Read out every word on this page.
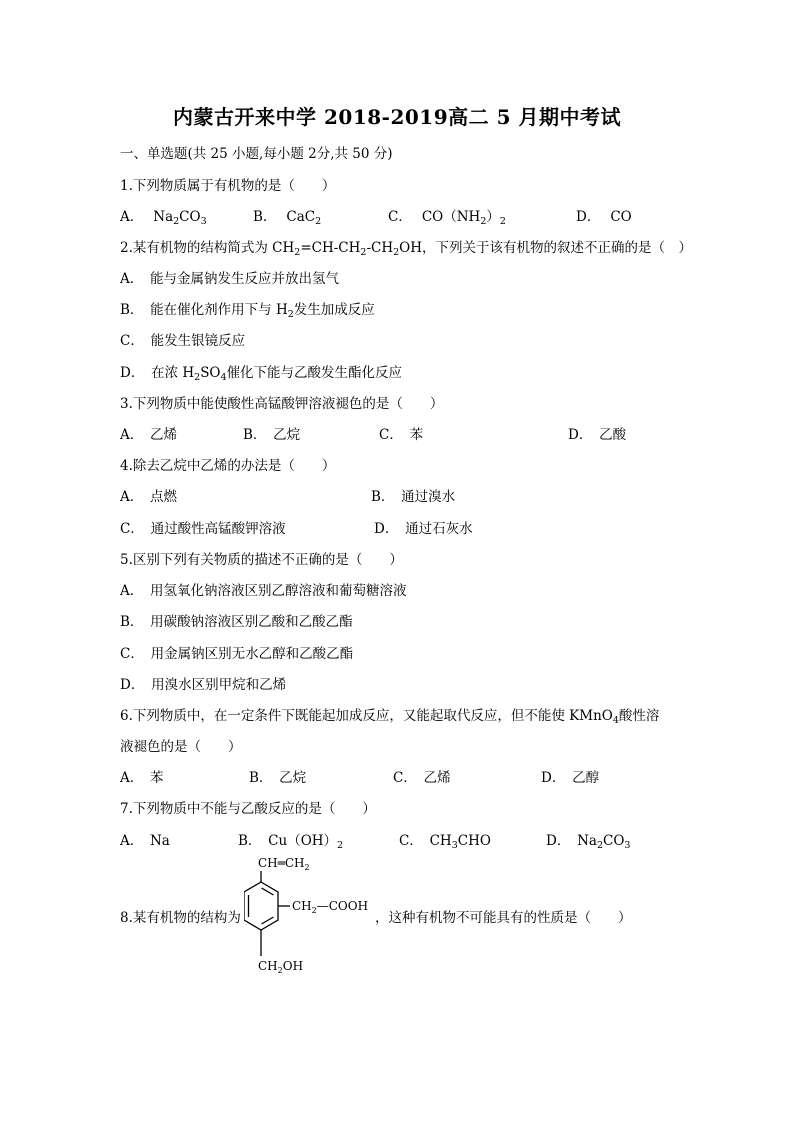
内蒙古开来中学 2018-2019高二 5 月期中考试
一、单选题(共 25 小题,每小题 2分,共 50 分)
1.下列物质属于有机物的是（　　）
A． $Na_2CO_3$	B． CaC$_2$	C． $CO(NH_2)_2$	D． CO
2.某有机物的结构简式为 $CH_2=CH-CH_2-CH_2OH$，下列关于该有机物的叙述不正确的是（　）
A．　能与金属钠发生反应并放出氢气
B．　能在催化剂作用下与 $H_2$发生加成反应
C．　能发生银镜反应
D．　在浓 $H_2SO_4$催化下能与乙酸发生酯化反应
3.下列物质中能使酸性高锰酸钾溶液褪色的是（　　）
A．　乙烯	B．　乙烷	C．　苯	D．　乙酸
4.除去乙烷中乙烯的办法是（　　）
A．　点燃	B．　通过溴水
C．　通过酸性高锰酸钾溶液	D．　通过石灰水
5.区别下列有关物质的描述不正确的是（　　）
A．　用氢氧化钠溶液区别乙醇溶液和葡萄糖溶液
B．　用碳酸钠溶液区别乙酸和乙酸乙酯
C．　用金属钠区别无水乙醇和乙酸乙酯
D．　用溴水区别甲烷和乙烯
6.下列物质中，在一定条件下既能起加成反应，又能起取代反应，但不能使 KMnO$_4$酸性溶
液褪色的是（　　）
A．　苯	B．　乙烷	C．　乙烯	D．　乙醇
7.下列物质中不能与乙酸反应的是（　　）
A．　Na	B．　$Cu(OH)_2$	C．　$CH_3CHO$	D．　$Na_2CO_3$
8.某有机物的结构为
$CH═CH_2$
$CH_2—COOH$
$CH_2OH$
，这种有机物不可能具有的性质是（　　）
